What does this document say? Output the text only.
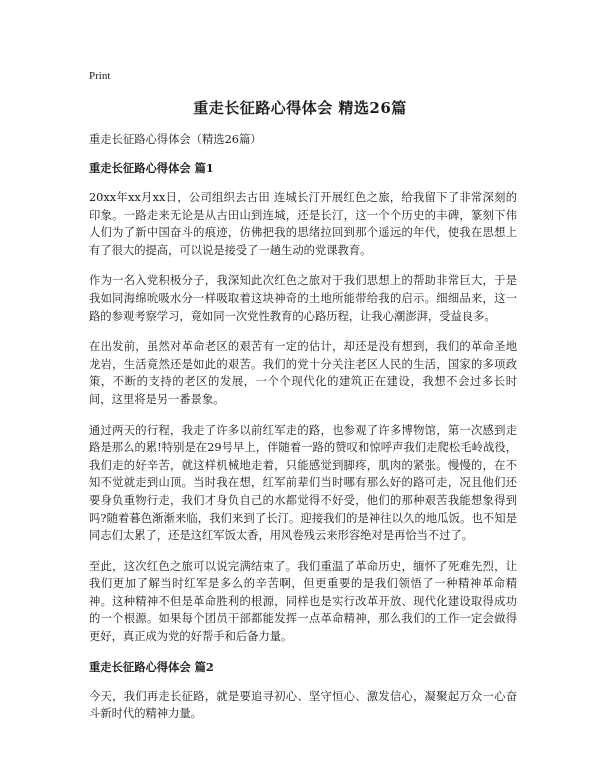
Print
重走长征路心得体会 精选26篇

重走长征路心得体会（精选26篇）

重走长征路心得体会 篇1

20xx年xx月xx日，公司组织去古田 连城长汀开展红色之旅，给我留下了非常深刻的印象。一路走来无论是从古田山到连城，还是长汀，这一个个历史的丰碑，篆刻下伟人们为了新中国奋斗的痕迹，仿佛把我的思绪拉回到那个遥远的年代，使我在思想上有了很大的提高，可以说是接受了一趟生动的党课教育。

作为一名入党积极分子，我深知此次红色之旅对于我们思想上的帮助非常巨大，于是我如同海绵吮吸水分一样吸取着这块神奇的土地所能带给我的启示。细细品来，这一路的参观考察学习，竟如同一次党性教育的心路历程，让我心潮澎湃，受益良多。

在出发前，虽然对革命老区的艰苦有一定的估计，却还是没有想到，我们的革命圣地龙岩，生活竟然还是如此的艰苦。我们的党十分关注老区人民的生活，国家的多项政策，不断的支持的老区的发展，一个个现代化的建筑正在建设，我想不会过多长时间，这里将是另一番景象。

通过两天的行程，我走了许多以前红军走的路，也参观了许多博物馆，第一次感到走路是那么的累!特别是在29号早上，伴随着一路的赞叹和惊呼声我们走爬松毛岭战役，我们走的好辛苦，就这样机械地走着，只能感觉到脚疼，肌肉的紧张。慢慢的，在不知不觉就走到山顶。当时我在想，红军前辈们当时哪有那么好的路可走，况且他们还要身负重物行走，我们才身负自己的水都觉得不好受，他们的那种艰苦我能想象得到吗?随着暮色渐渐来临，我们来到了长汀。迎接我们的是神往以久的地瓜饭。也不知是同志们太累了，还是这红军饭太香，用风卷残云来形容绝对是再恰当不过了。

至此，这次红色之旅可以说完满结束了。我们重温了革命历史，缅怀了死难先烈，让我们更加了解当时红军是多么的辛苦啊，但更重要的是我们领悟了一种精神革命精神。这种精神不但是革命胜利的根源，同样也是实行改革开放、现代化建设取得成功的一个根源。如果每个团员干部都能发挥一点革命精神，那么我们的工作一定会做得更好，真正成为党的好帮手和后备力量。

重走长征路心得体会 篇2

今天，我们再走长征路，就是要追寻初心、坚守恒心、激发信心，凝聚起万众一心奋斗新时代的精神力量。
